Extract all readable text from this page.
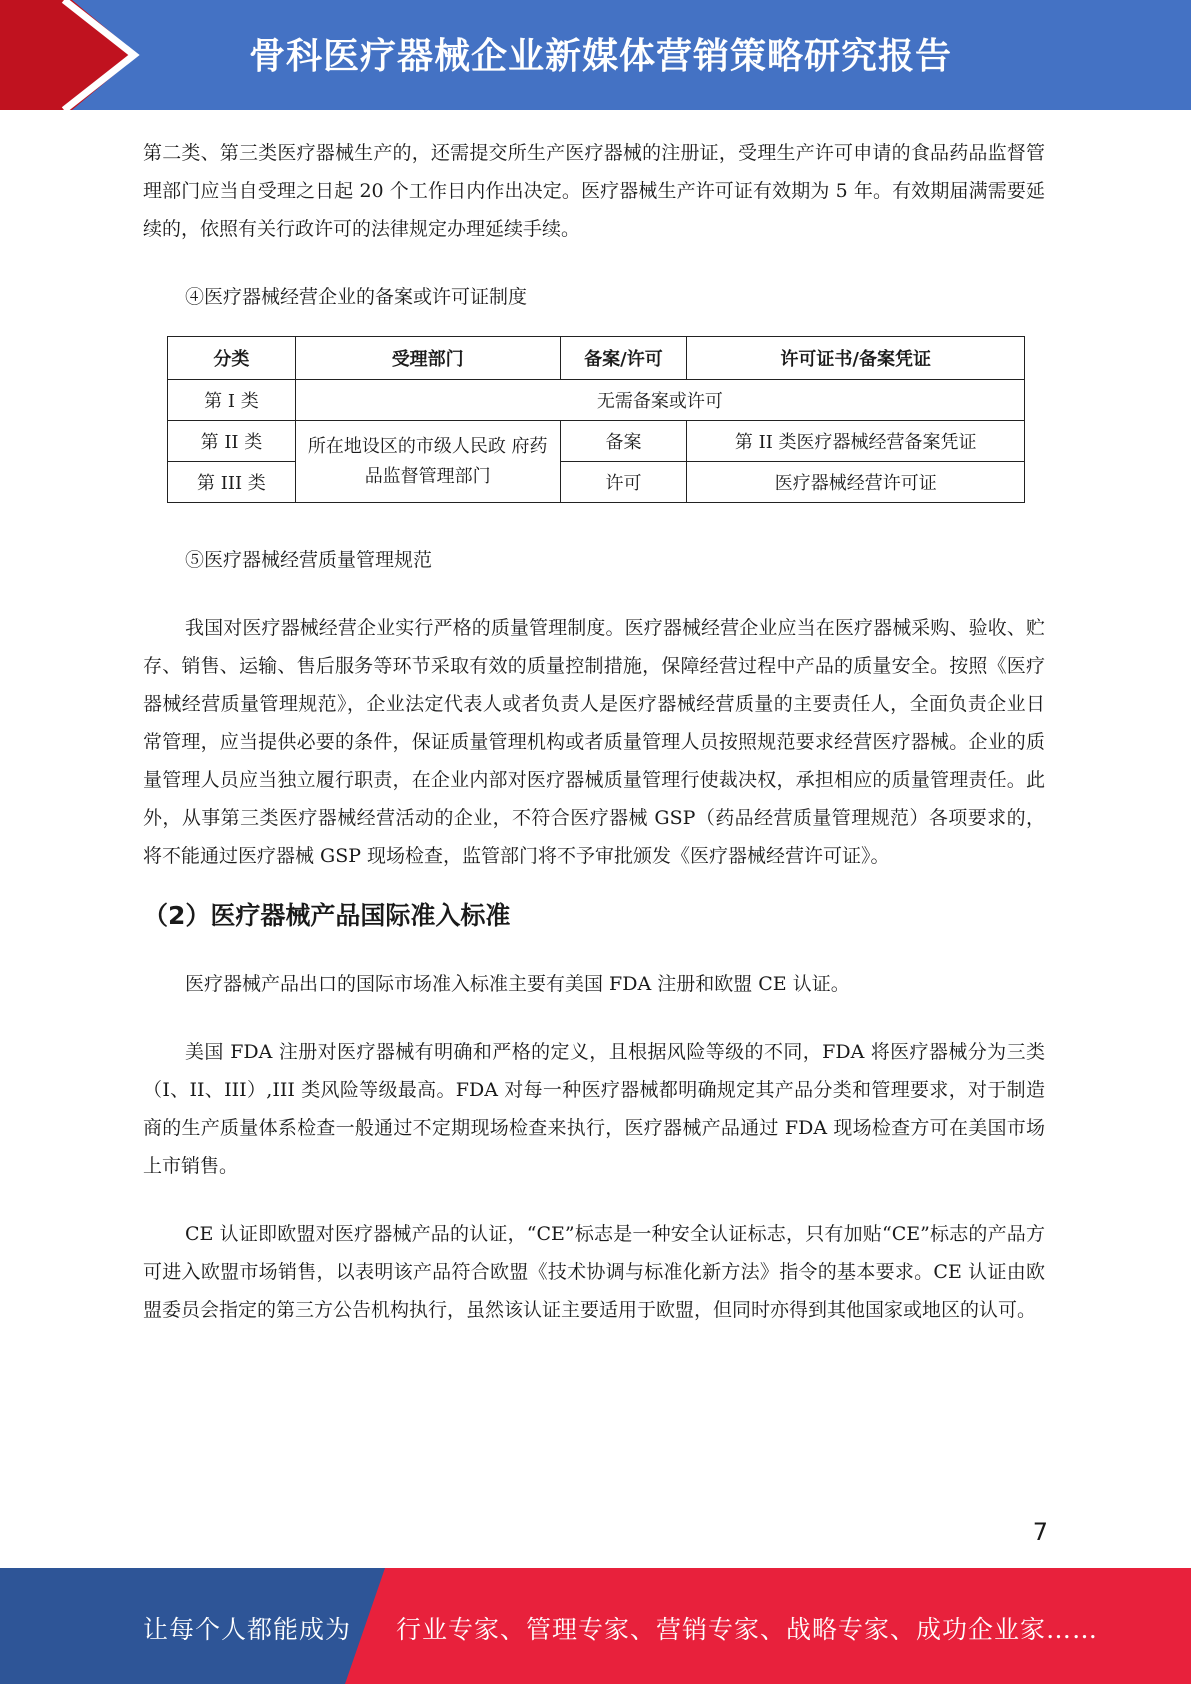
骨科医疗器械企业新媒体营销策略研究报告

第二类、第三类医疗器械生产的，还需提交所生产医疗器械的注册证，受理生产许可申请的食品药品监督管理部门应当自受理之日起 20 个工作日内作出决定。医疗器械生产许可证有效期为 5 年。有效期届满需要延续的，依照有关行政许可的法律规定办理延续手续。

④医疗器械经营企业的备案或许可证制度

分类	受理部门	备案/许可	许可证书/备案凭证
第 I 类	无需备案或许可		
第 II 类	所在地设区的市级人民政 府药品监督管理部门	备案	第 II 类医疗器械经营备案凭证
第 III 类		许可	医疗器械经营许可证

⑤医疗器械经营质量管理规范

我国对医疗器械经营企业实行严格的质量管理制度。医疗器械经营企业应当在医疗器械采购、验收、贮存、销售、运输、售后服务等环节采取有效的质量控制措施，保障经营过程中产品的质量安全。按照《医疗器械经营质量管理规范》，企业法定代表人或者负责人是医疗器械经营质量的主要责任人，全面负责企业日常管理，应当提供必要的条件，保证质量管理机构或者质量管理人员按照规范要求经营医疗器械。企业的质量管理人员应当独立履行职责，在企业内部对医疗器械质量管理行使裁决权，承担相应的质量管理责任。此外，从事第三类医疗器械经营活动的企业，不符合医疗器械 GSP（药品经营质量管理规范）各项要求的，将不能通过医疗器械 GSP 现场检查，监管部门将不予审批颁发《医疗器械经营许可证》。

（2）医疗器械产品国际准入标准

医疗器械产品出口的国际市场准入标准主要有美国 FDA 注册和欧盟 CE 认证。

美国 FDA 注册对医疗器械有明确和严格的定义，且根据风险等级的不同，FDA 将医疗器械分为三类（I、II、III）,III 类风险等级最高。FDA 对每一种医疗器械都明确规定其产品分类和管理要求，对于制造商的生产质量体系检查一般通过不定期现场检查来执行，医疗器械产品通过 FDA 现场检查方可在美国市场上市销售。

CE 认证即欧盟对医疗器械产品的认证，“CE”标志是一种安全认证标志，只有加贴“CE”标志的产品方可进入欧盟市场销售，以表明该产品符合欧盟《技术协调与标准化新方法》指令的基本要求。CE 认证由欧盟委员会指定的第三方公告机构执行，虽然该认证主要适用于欧盟，但同时亦得到其他国家或地区的认可。

7
让每个人都能成为 行业专家、管理专家、营销专家、战略专家、成功企业家……
